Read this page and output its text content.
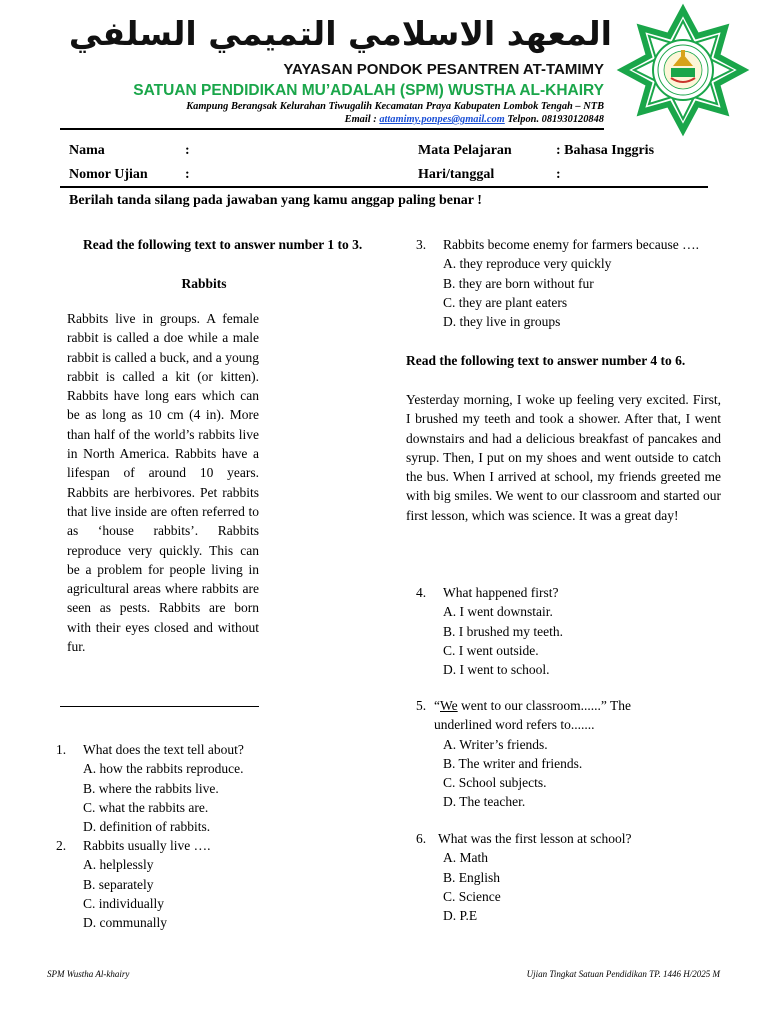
المعهد الاسلامي التميمي السلفي
YAYASAN PONDOK PESANTREN AT-TAMIMY
SATUAN PENDIDIKAN MU’ADALAH (SPM) WUSTHA AL-KHAIRY
Kampung Berangsak Kelurahan Tiwugalih Kecamatan Praya Kabupaten Lombok Tengah – NTB
Email : attamimy.ponpes@gmail.com Telpon. 081930120848
Nama	:
Nomor Ujian	:
Mata Pelajaran	: Bahasa Inggris
Hari/tanggal	:
Berilah tanda silang pada jawaban yang kamu anggap paling benar !
Read the following text to answer number 1 to 3.
Rabbits
Rabbits live in groups. A female rabbit is called a doe while a male rabbit is called a buck, and a young rabbit is called a kit (or kitten). Rabbits have long ears which can be as long as 10 cm (4 in). More than half of the world’s rabbits live in North America. Rabbits have a lifespan of around 10 years. Rabbits are herbivores. Pet rabbits that live inside are often referred to as ‘house rabbits’. Rabbits reproduce very quickly. This can be a problem for people living in agricultural areas where rabbits are seen as pests. Rabbits are born with their eyes closed and without fur.
1. What does the text tell about?
A. how the rabbits reproduce.
B. where the rabbits live.
C. what the rabbits are.
D. definition of rabbits.
2. Rabbits usually live ….
A. helplessly
B. separately
C. individually
D. communally
3. Rabbits become enemy for farmers because ….
A. they reproduce very quickly
B. they are born without fur
C. they are plant eaters
D. they live in groups
Read the following text to answer number 4 to 6.
Yesterday morning, I woke up feeling very excited. First, I brushed my teeth and took a shower. After that, I went downstairs and had a delicious breakfast of pancakes and syrup. Then, I put on my shoes and went outside to catch the bus. When I arrived at school, my friends greeted me with big smiles. We went to our classroom and started our first lesson, which was science. It was a great day!
4. What happened first?
A. I went downstair.
B. I brushed my teeth.
C. I went outside.
D. I went to school.
5. “We went to our classroom......” The underlined word refers to.......
A. Writer’s friends.
B. The writer and friends.
C. School subjects.
D. The teacher.
6. What was the first lesson at school?
A. Math
B. English
C. Science
D. P.E
SPM Wustha Al-khairy	Ujian Tingkat Satuan Pendidikan TP. 1446 H/2025 M
